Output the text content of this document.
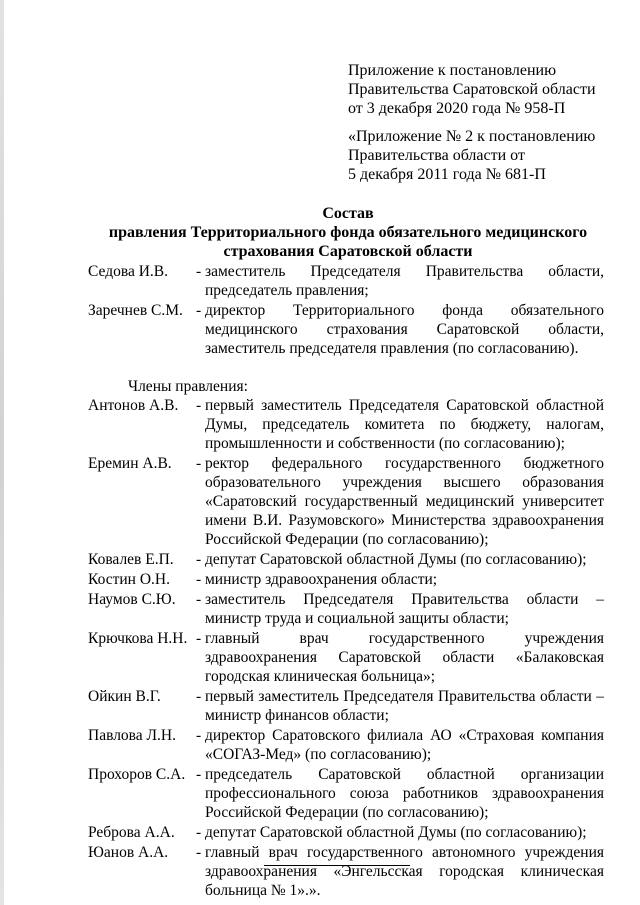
Приложение к постановлению
Правительства Саратовской области
от 3 декабря 2020 года № 958-П
«Приложение № 2 к постановлению
Правительства области от
5 декабря 2011 года № 681-П
Состав
правления Территориального фонда обязательного медицинского
страхования Саратовской области
Седова И.В.	- заместитель Председателя Правительства области, председатель правления;
Заречнев С.М. - директор Территориального фонда обязательного медицинского страхования Саратовской области, заместитель председателя правления (по согласованию).
Члены правления:
Антонов А.В.	- первый заместитель Председателя Саратовской областной Думы, председатель комитета по бюджету, налогам, промышленности и собственности (по согласованию);
Еремин А.В.	- ректор федерального государственного бюджетного образовательного учреждения высшего образования «Саратовский государственный медицинский университет имени В.И. Разумовского» Министерства здравоохранения Российской Федерации (по согласованию);
Ковалев Е.П.	- депутат Саратовской областной Думы (по согласованию);
Костин О.Н.	- министр здравоохранения области;
Наумов С.Ю.	- заместитель Председателя Правительства области – министр труда и социальной защиты области;
Крючкова Н.Н. - главный врач государственного учреждения здравоохранения Саратовской области «Балаковская городская клиническая больница»;
Ойкин В.Г.	- первый заместитель Председателя Правительства области – министр финансов области;
Павлова Л.Н.	- директор Саратовского филиала АО «Страховая компания «СОГАЗ-Мед» (по согласованию);
Прохоров С.А. - председатель Саратовской областной организации профессионального союза работников здравоохранения Российской Федерации (по согласованию);
Реброва А.А.	- депутат Саратовской областной Думы (по согласованию);
Юанов А.А.	- главный врач государственного автономного учреждения здравоохранения «Энгельсская городская клиническая больница № 1».».
